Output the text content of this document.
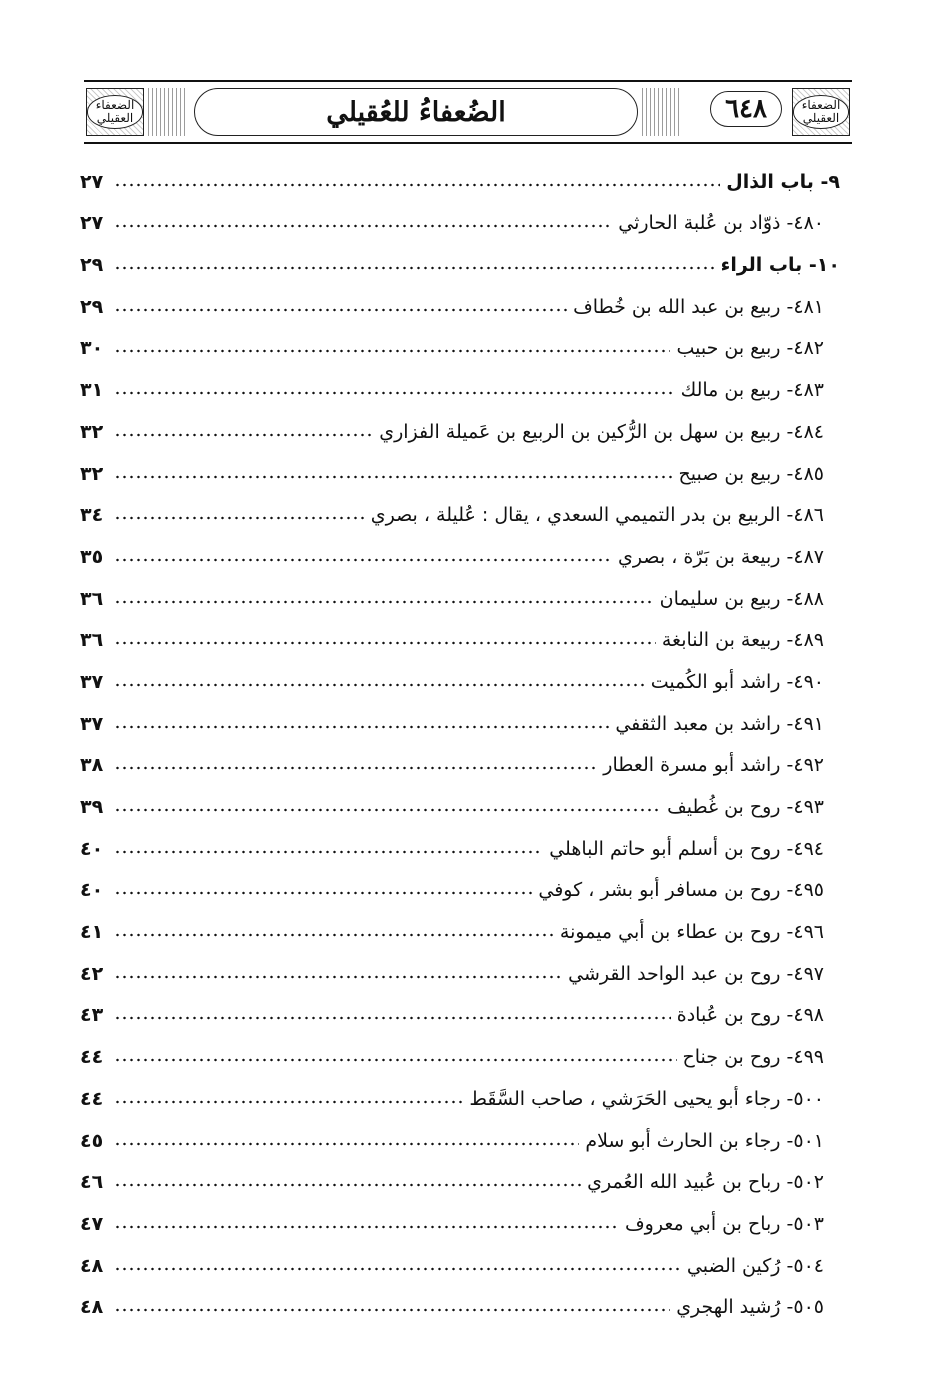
الضعفاء العقيلي
٦٤٨
الضُعفاءُ للعُقيلي
الضعفاء العقيلي
٩- باب الذال
٢٧
٤٨٠- ذوّاد بن عُلبة الحارثي
٢٧
١٠- باب الراء
٢٩
٤٨١- ربيع بن عبد الله بن خُطاف
٢٩
٤٨٢- ربيع بن حبيب
٣٠
٤٨٣- ربيع بن مالك
٣١
٤٨٤- ربيع بن سهل بن الرُّكين بن الربيع بن عَميلة الفزاري
٣٢
٤٨٥- ربيع بن صبيح
٣٢
٤٨٦- الربيع بن بدر التميمي السعدي ، يقال : عُليلة ، بصري
٣٤
٤٨٧- ربيعة بن بَرّة ، بصري
٣٥
٤٨٨- ربيع بن سليمان
٣٦
٤٨٩- ربيعة بن النابغة
٣٦
٤٩٠- راشد أبو الكُميت
٣٧
٤٩١- راشد بن معبد الثقفي
٣٧
٤٩٢- راشد أبو مسرة العطار
٣٨
٤٩٣- روح بن غُطيف
٣٩
٤٩٤- روح بن أسلم أبو حاتم الباهلي
٤٠
٤٩٥- روح بن مسافر أبو بشر ، كوفي
٤٠
٤٩٦- روح بن عطاء بن أبي ميمونة
٤١
٤٩٧- روح بن عبد الواحد القرشي
٤٢
٤٩٨- روح بن عُبادة
٤٣
٤٩٩- روح بن جناح
٤٤
٥٠٠- رجاء أبو يحيى الحَرَشي ، صاحب السَّقَط
٤٤
٥٠١- رجاء بن الحارث أبو سلام
٤٥
٥٠٢- رباح بن عُبيد الله العُمري
٤٦
٥٠٣- رباح بن أبي معروف
٤٧
٥٠٤- رُكين الضبي
٤٨
٥٠٥- رُشيد الهجري
٤٨
